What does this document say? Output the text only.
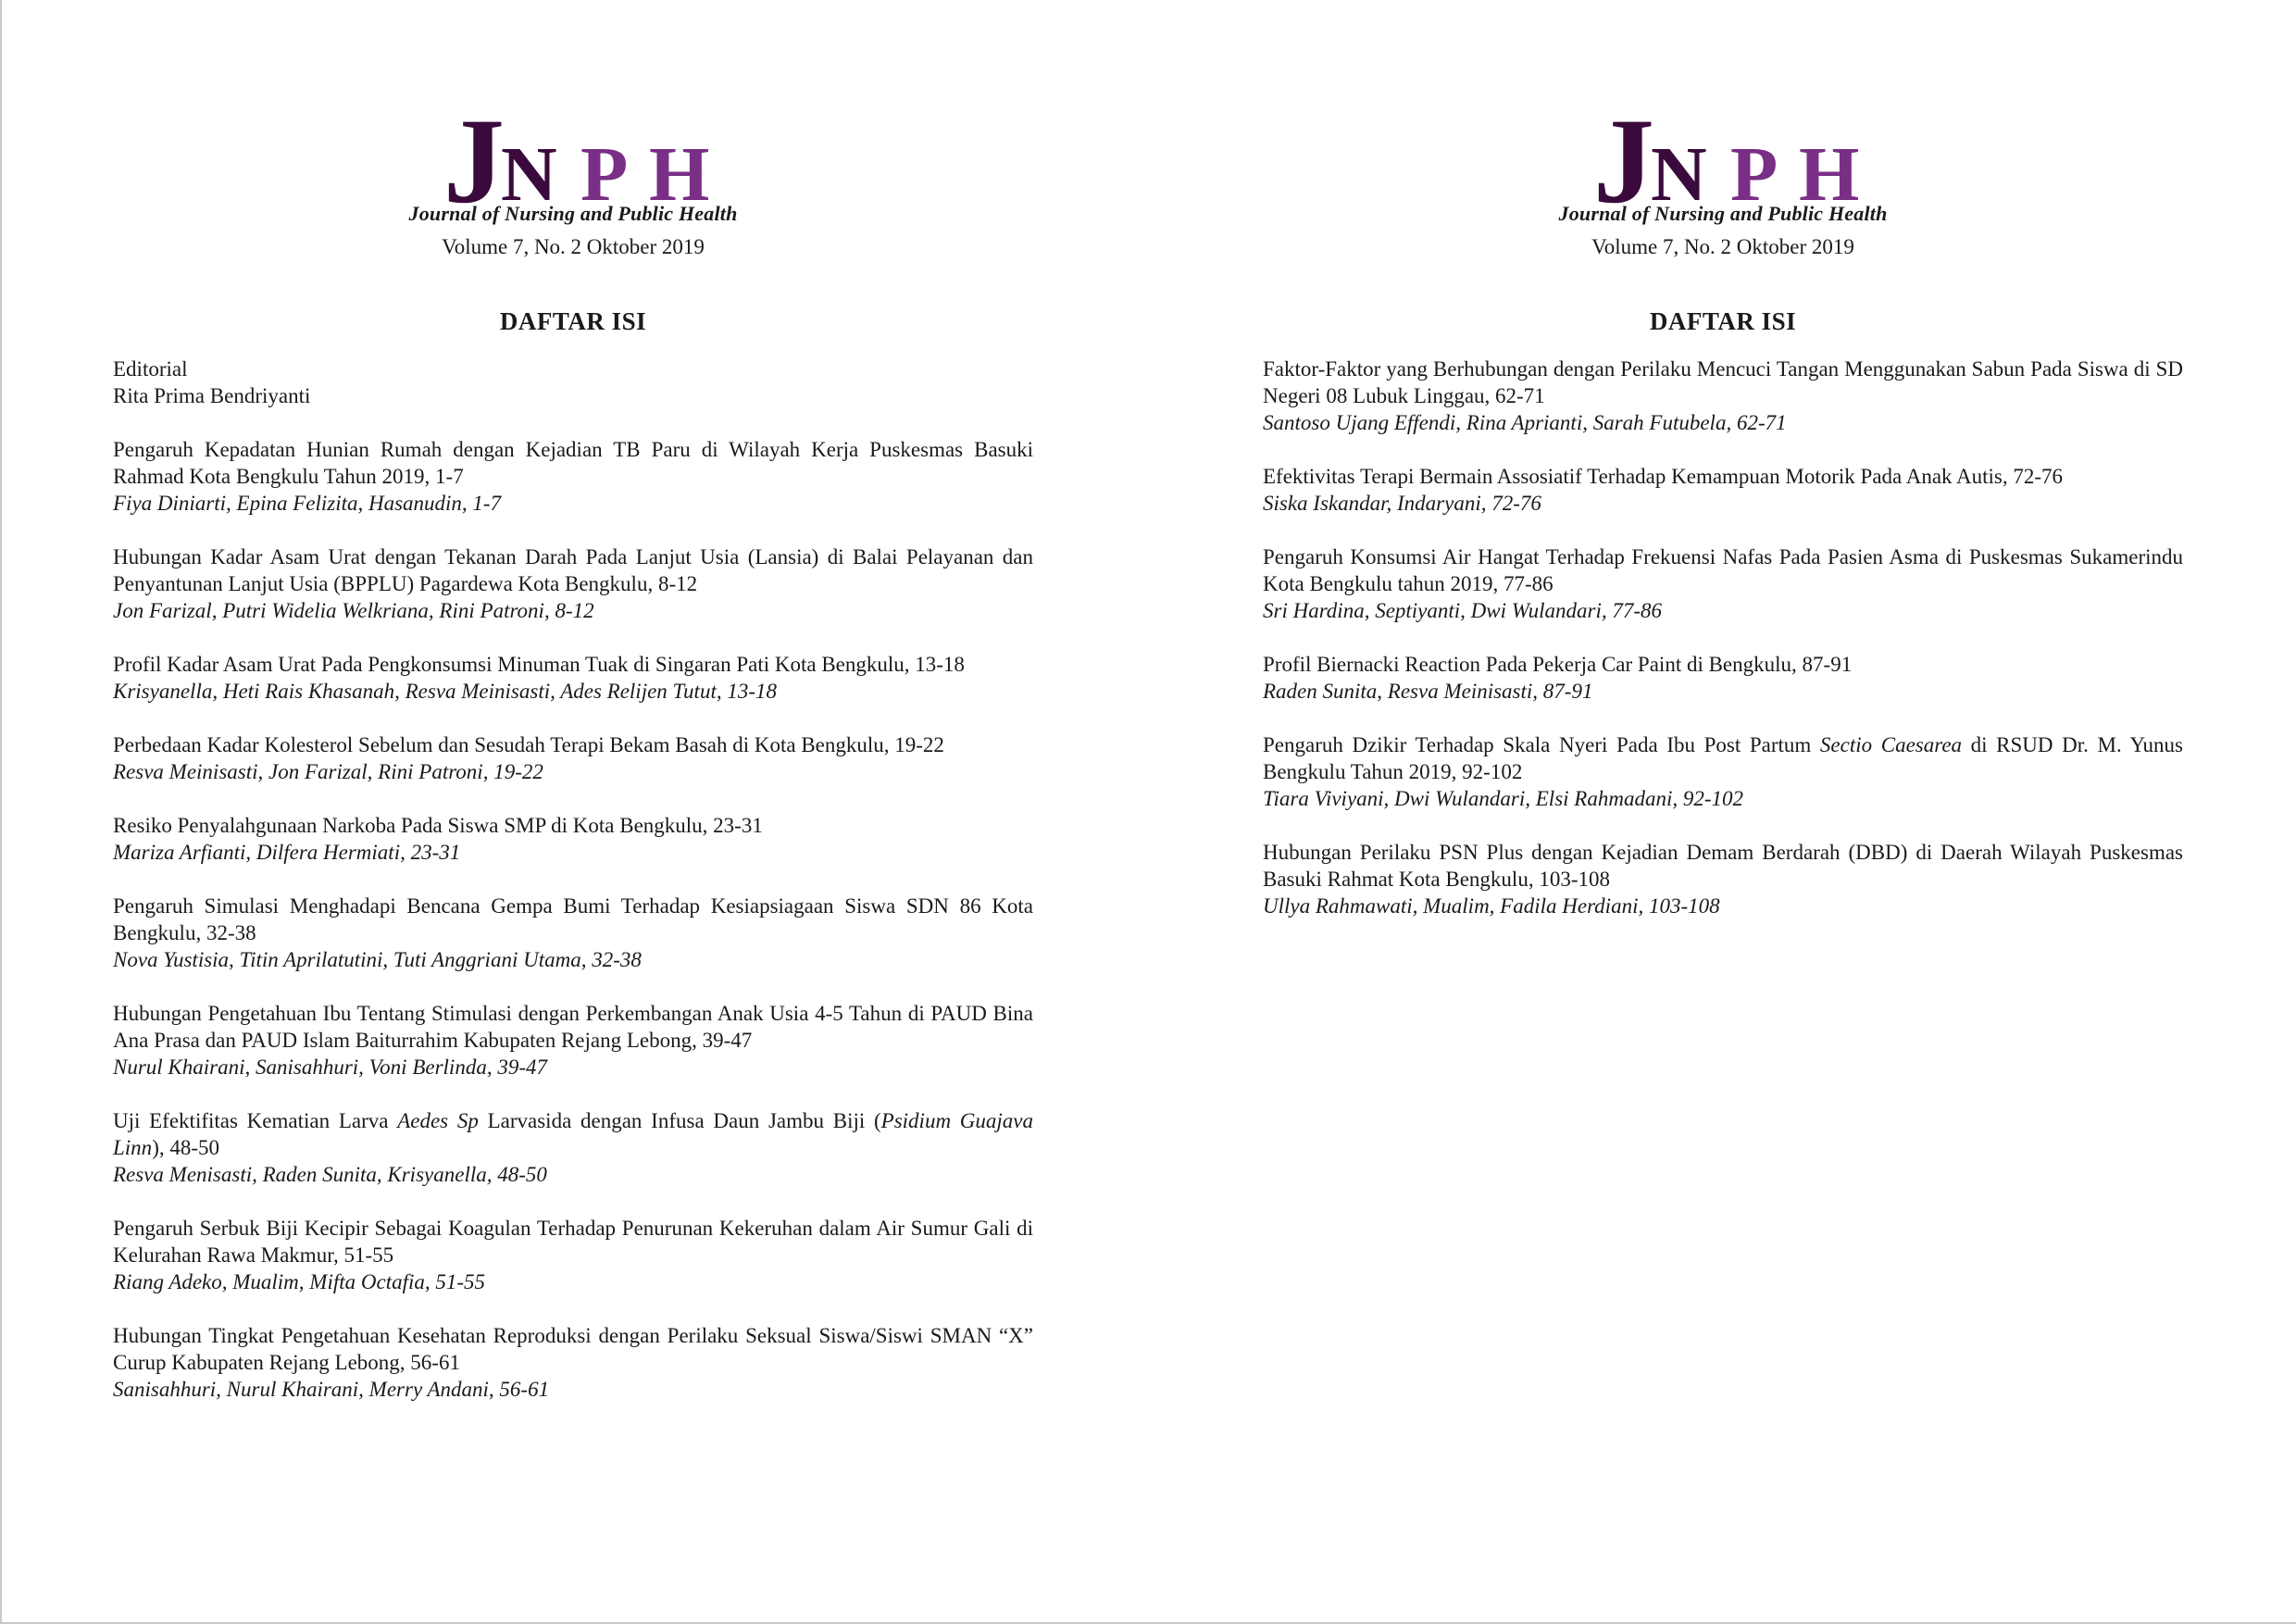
J
N P H
Journal of Nursing and Public Health
Volume 7, No. 2 Oktober 2019
DAFTAR ISI
Editorial
Rita Prima Bendriyanti
Pengaruh Kepadatan Hunian Rumah dengan Kejadian TB Paru di Wilayah Kerja Puskesmas Basuki Rahmad Kota Bengkulu Tahun 2019, 1-7
Fiya Diniarti, Epina Felizita, Hasanudin, 1-7
Hubungan Kadar Asam Urat dengan Tekanan Darah Pada Lanjut Usia (Lansia) di Balai Pelayanan dan Penyantunan Lanjut Usia (BPPLU) Pagardewa Kota Bengkulu, 8-12
Jon Farizal, Putri Widelia Welkriana, Rini Patroni, 8-12
Profil Kadar Asam Urat Pada Pengkonsumsi Minuman Tuak di Singaran Pati Kota Bengkulu, 13-18
Krisyanella, Heti Rais Khasanah, Resva Meinisasti, Ades Relijen Tutut, 13-18
Perbedaan Kadar Kolesterol Sebelum dan Sesudah Terapi Bekam Basah di Kota Bengkulu, 19-22
Resva Meinisasti, Jon Farizal, Rini Patroni, 19-22
Resiko Penyalahgunaan Narkoba Pada Siswa SMP di Kota Bengkulu, 23-31
Mariza Arfianti, Dilfera Hermiati, 23-31
Pengaruh Simulasi Menghadapi Bencana Gempa Bumi Terhadap Kesiapsiagaan Siswa SDN 86 Kota Bengkulu, 32-38
Nova Yustisia, Titin Aprilatutini, Tuti Anggriani Utama, 32-38
Hubungan Pengetahuan Ibu Tentang Stimulasi dengan Perkembangan Anak Usia 4-5 Tahun di PAUD Bina Ana Prasa dan PAUD Islam Baiturrahim Kabupaten Rejang Lebong, 39-47
Nurul Khairani, Sanisahhuri, Voni Berlinda, 39-47
Uji Efektifitas Kematian Larva Aedes Sp Larvasida dengan Infusa Daun Jambu Biji (Psidium Guajava Linn), 48-50
Resva Menisasti, Raden Sunita, Krisyanella, 48-50
Pengaruh Serbuk Biji Kecipir Sebagai Koagulan Terhadap Penurunan Kekeruhan dalam Air Sumur Gali di Kelurahan Rawa Makmur, 51-55
Riang Adeko, Mualim, Mifta Octafia, 51-55
Hubungan Tingkat Pengetahuan Kesehatan Reproduksi dengan Perilaku Seksual Siswa/Siswi SMAN “X” Curup Kabupaten Rejang Lebong, 56-61
Sanisahhuri, Nurul Khairani, Merry Andani, 56-61
J
N P H
Journal of Nursing and Public Health
Volume 7, No. 2 Oktober 2019
DAFTAR ISI
Faktor-Faktor yang Berhubungan dengan Perilaku Mencuci Tangan Menggunakan Sabun Pada Siswa di SD Negeri 08 Lubuk Linggau, 62-71
Santoso Ujang Effendi, Rina Aprianti, Sarah Futubela, 62-71
Efektivitas Terapi Bermain Assosiatif Terhadap Kemampuan Motorik Pada Anak Autis, 72-76
Siska Iskandar, Indaryani, 72-76
Pengaruh Konsumsi Air Hangat Terhadap Frekuensi Nafas Pada Pasien Asma di Puskesmas Sukamerindu Kota Bengkulu tahun 2019, 77-86
Sri Hardina, Septiyanti, Dwi Wulandari, 77-86
Profil Biernacki Reaction Pada Pekerja Car Paint di Bengkulu, 87-91
Raden Sunita, Resva Meinisasti, 87-91
Pengaruh Dzikir Terhadap Skala Nyeri Pada Ibu Post Partum Sectio Caesarea di RSUD Dr. M. Yunus Bengkulu Tahun 2019, 92-102
Tiara Viviyani, Dwi Wulandari, Elsi Rahmadani, 92-102
Hubungan Perilaku PSN Plus dengan Kejadian Demam Berdarah (DBD) di Daerah Wilayah Puskesmas Basuki Rahmat Kota Bengkulu, 103-108
Ullya Rahmawati, Mualim, Fadila Herdiani, 103-108
